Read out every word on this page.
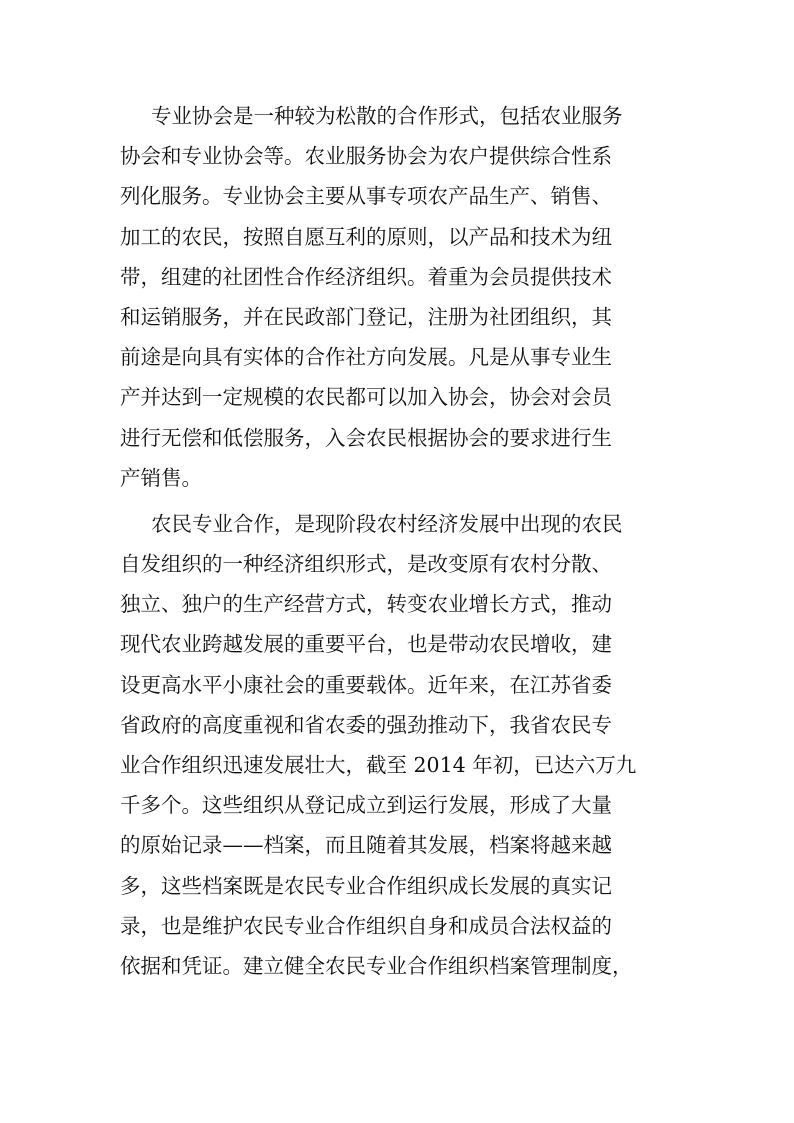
专业协会是一种较为松散的合作形式，包括农业服务
协会和专业协会等。农业服务协会为农户提供综合性系
列化服务。专业协会主要从事专项农产品生产、销售、
加工的农民，按照自愿互利的原则，以产品和技术为纽
带，组建的社团性合作经济组织。着重为会员提供技术
和运销服务，并在民政部门登记，注册为社团组织，其
前途是向具有实体的合作社方向发展。凡是从事专业生
产并达到一定规模的农民都可以加入协会，协会对会员
进行无偿和低偿服务，入会农民根据协会的要求进行生
产销售。
农民专业合作，是现阶段农村经济发展中出现的农民
自发组织的一种经济组织形式，是改变原有农村分散、
独立、独户的生产经营方式，转变农业增长方式，推动
现代农业跨越发展的重要平台，也是带动农民增收，建
设更高水平小康社会的重要载体。近年来，在江苏省委
省政府的高度重视和省农委的强劲推动下，我省农民专
业合作组织迅速发展壮大，截至 2014 年初，已达六万九
千多个。这些组织从登记成立到运行发展，形成了大量
的原始记录——档案，而且随着其发展，档案将越来越
多，这些档案既是农民专业合作组织成长发展的真实记
录，也是维护农民专业合作组织自身和成员合法权益的
依据和凭证。建立健全农民专业合作组织档案管理制度，
